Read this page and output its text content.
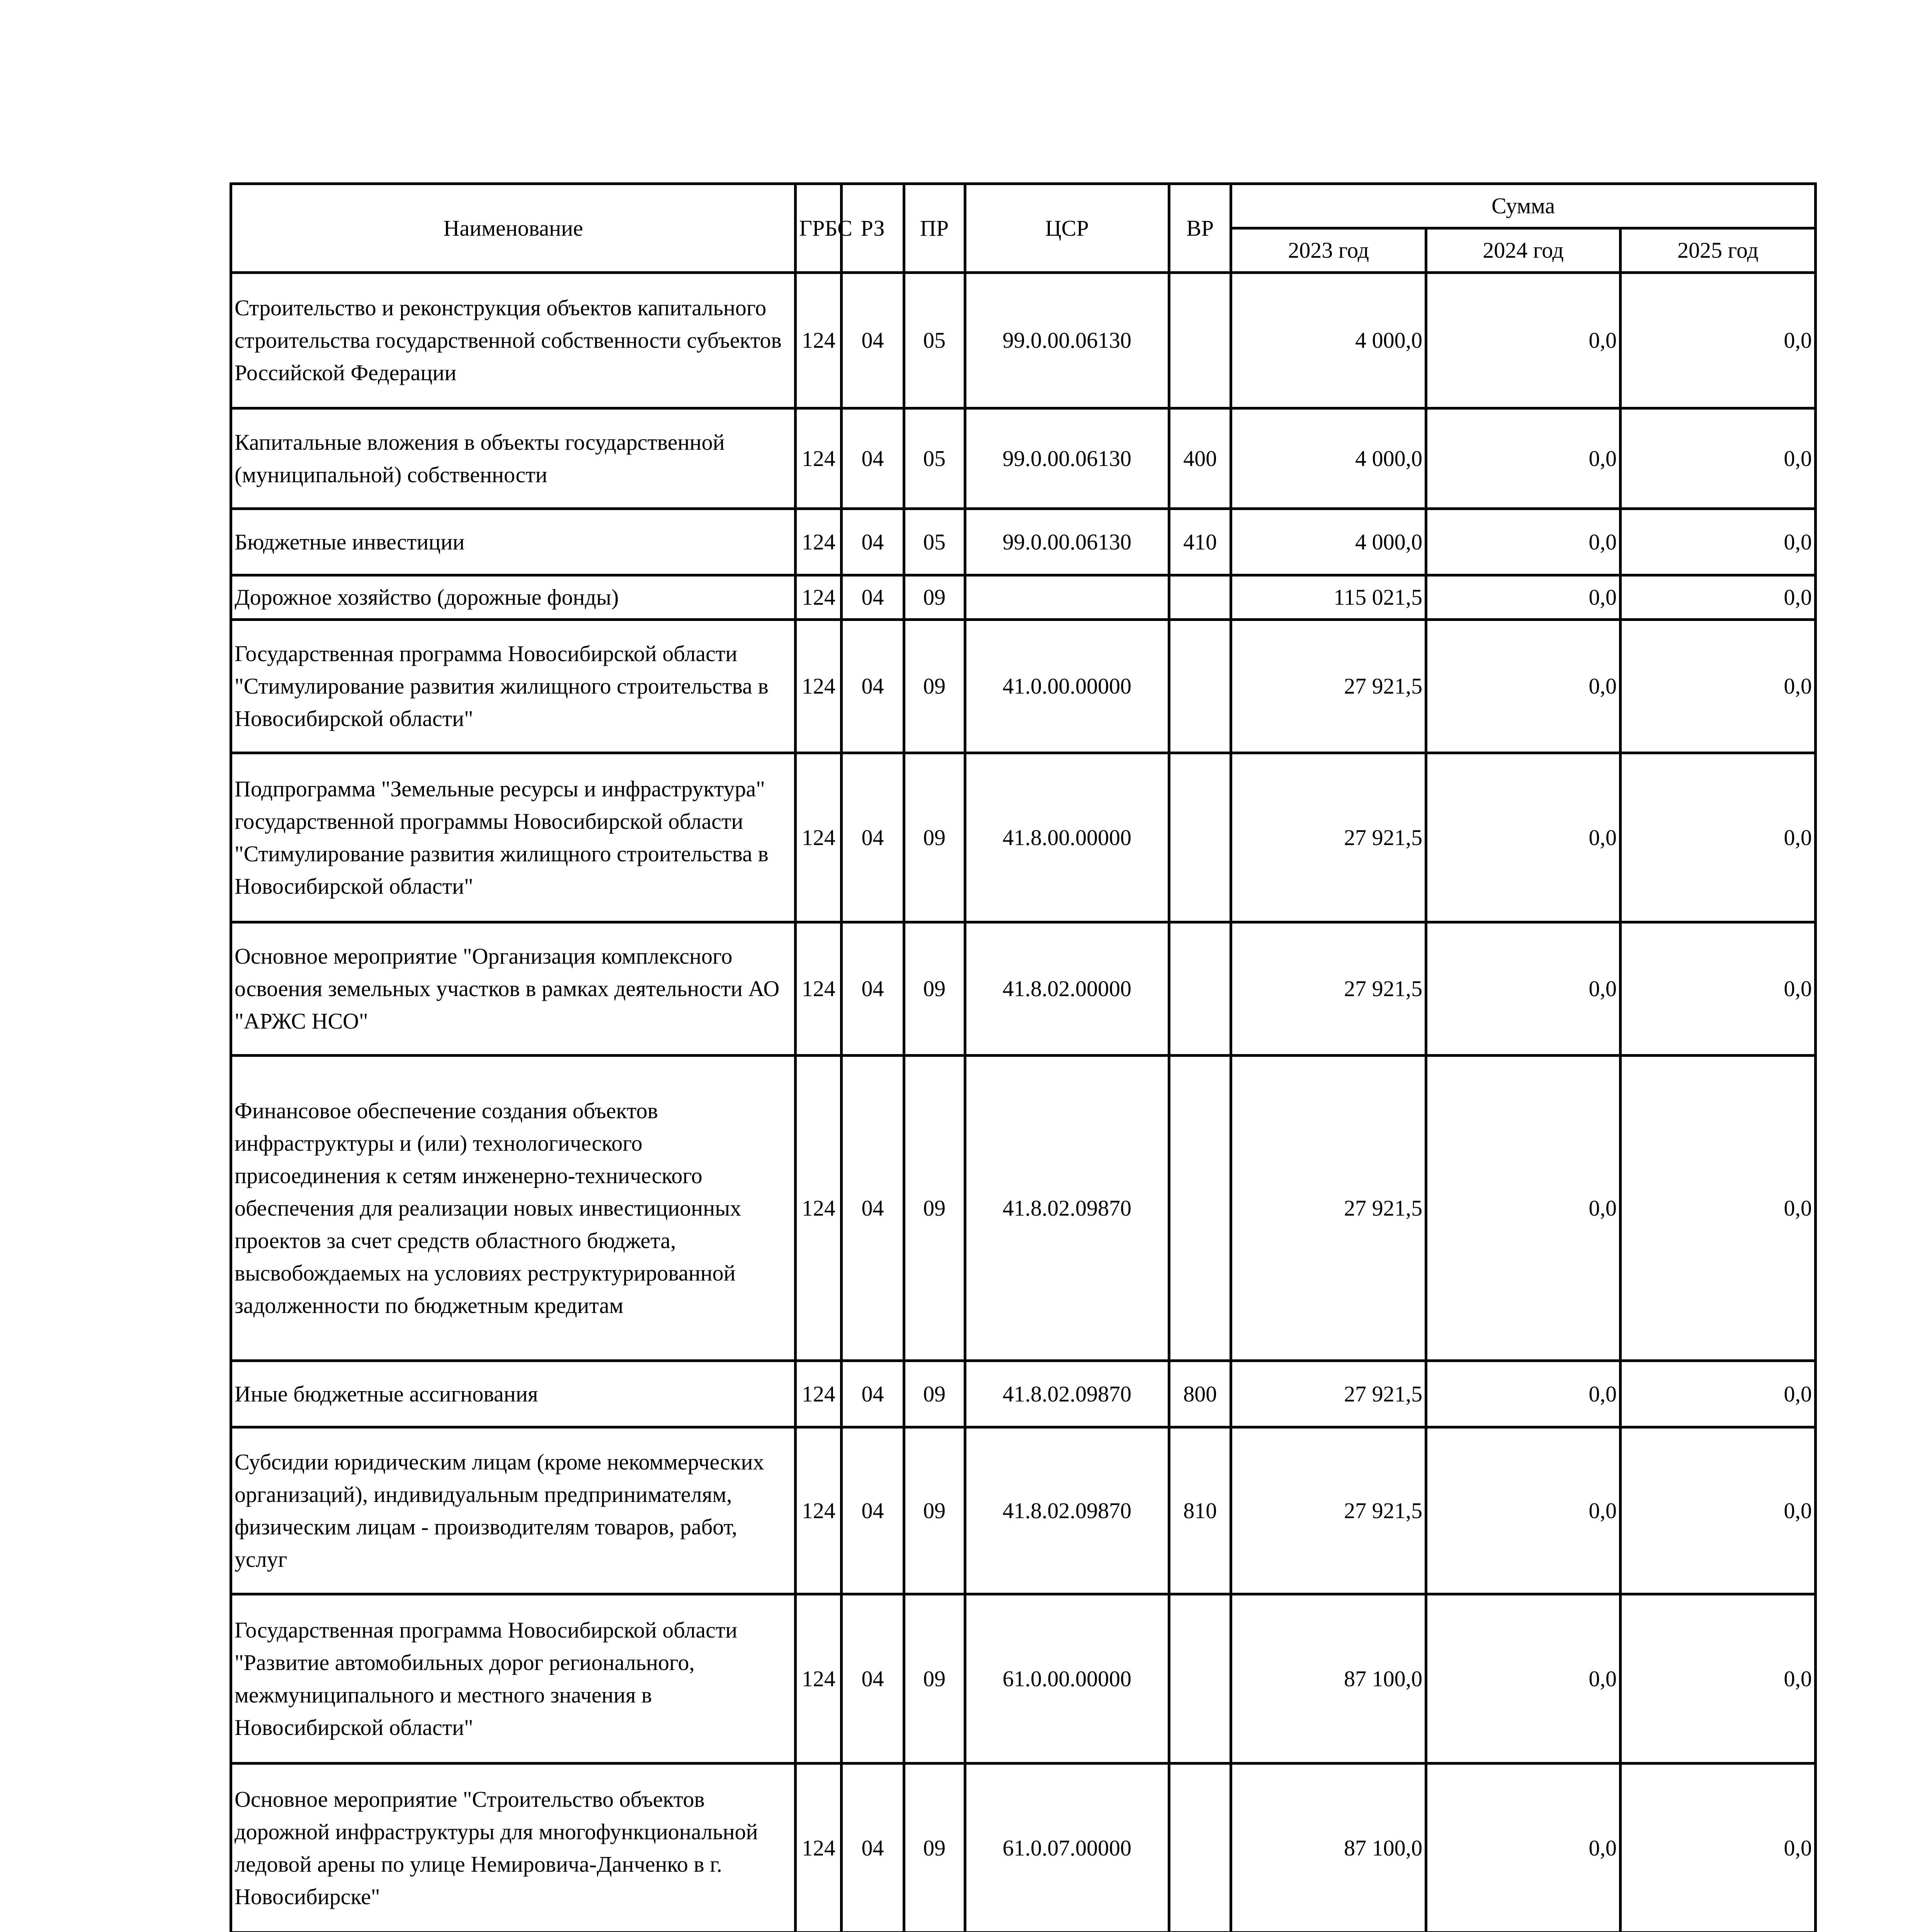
Наименование	ГРБС	РЗ	ПР	ЦСР	ВР	Сумма		
						2023 год	2024 год	2025 год
Строительство и реконструкция объектов капитального строительства государственной собственности субъектов Российской Федерации	124	04	05	99.0.00.06130		4 000,0	0,0	0,0
Капитальные вложения в объекты государственной (муниципальной) собственности	124	04	05	99.0.00.06130	400	4 000,0	0,0	0,0
Бюджетные инвестиции	124	04	05	99.0.00.06130	410	4 000,0	0,0	0,0
Дорожное хозяйство (дорожные фонды)	124	04	09			115 021,5	0,0	0,0
Государственная программа Новосибирской области "Стимулирование развития жилищного строительства в Новосибирской области"	124	04	09	41.0.00.00000		27 921,5	0,0	0,0
Подпрограмма "Земельные ресурсы и инфраструктура" государственной программы Новосибирской области "Стимулирование развития жилищного строительства в Новосибирской области"	124	04	09	41.8.00.00000		27 921,5	0,0	0,0
Основное мероприятие "Организация комплексного освоения земельных участков в рамках деятельности АО "АРЖС НСО"	124	04	09	41.8.02.00000		27 921,5	0,0	0,0
Финансовое обеспечение создания объектов инфраструктуры и (или) технологического присоединения к сетям инженерно-технического обеспечения для реализации новых инвестиционных проектов за счет средств областного бюджета, высвобождаемых на условиях реструктурированной задолженности по бюджетным кредитам	124	04	09	41.8.02.09870		27 921,5	0,0	0,0
Иные бюджетные ассигнования	124	04	09	41.8.02.09870	800	27 921,5	0,0	0,0
Субсидии юридическим лицам (кроме некоммерческих организаций), индивидуальным предпринимателям, физическим лицам - производителям товаров, работ, услуг	124	04	09	41.8.02.09870	810	27 921,5	0,0	0,0
Государственная программа Новосибирской области "Развитие автомобильных дорог регионального, межмуниципального и местного значения в Новосибирской области"	124	04	09	61.0.00.00000		87 100,0	0,0	0,0
Основное мероприятие "Строительство объектов дорожной инфраструктуры для многофункциональной ледовой арены по улице Немировича-Данченко в г. Новосибирске"	124	04	09	61.0.07.00000		87 100,0	0,0	0,0
